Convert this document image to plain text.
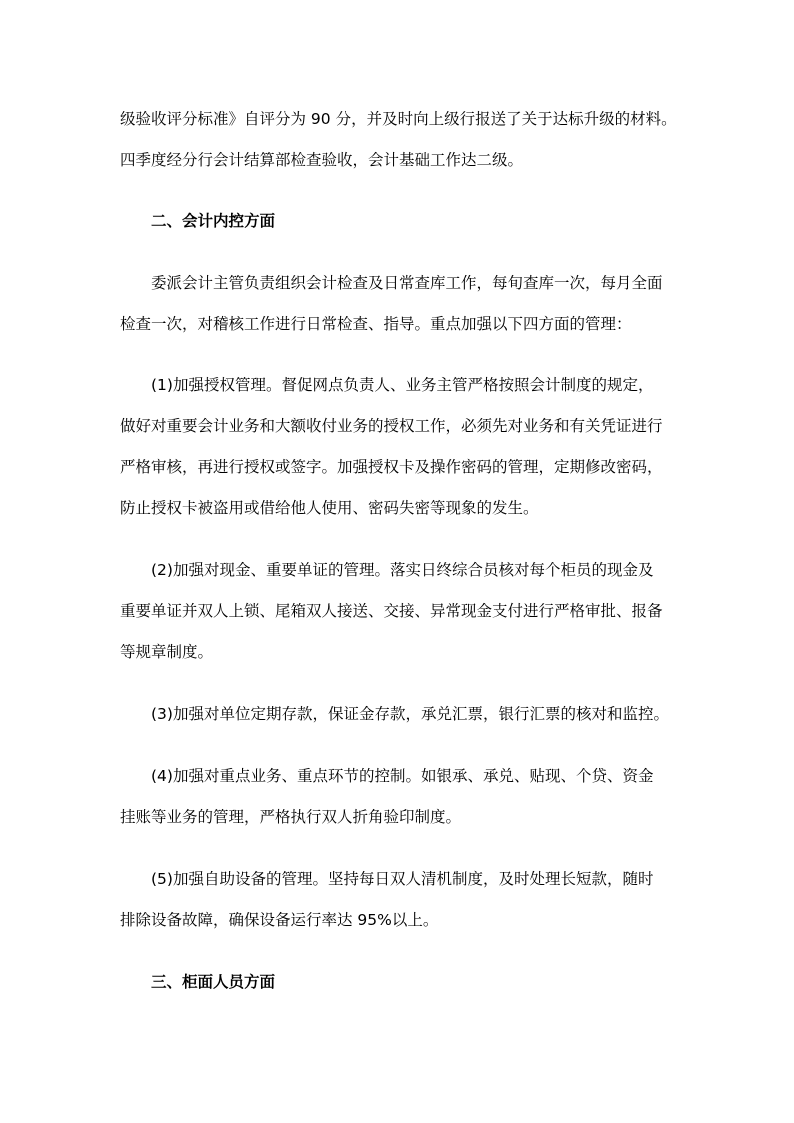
级验收评分标准》自评分为 90 分，并及时向上级行报送了关于达标升级的材料。
四季度经分行会计结算部检查验收，会计基础工作达二级。
二、会计内控方面
委派会计主管负责组织会计检查及日常查库工作，每旬查库一次，每月全面
检查一次，对稽核工作进行日常检查、指导。重点加强以下四方面的管理：
(1)加强授权管理。督促网点负责人、业务主管严格按照会计制度的规定，
做好对重要会计业务和大额收付业务的授权工作，必须先对业务和有关凭证进行
严格审核，再进行授权或签字。加强授权卡及操作密码的管理，定期修改密码，
防止授权卡被盗用或借给他人使用、密码失密等现象的发生。
(2)加强对现金、重要单证的管理。落实日终综合员核对每个柜员的现金及
重要单证并双人上锁、尾箱双人接送、交接、异常现金支付进行严格审批、报备
等规章制度。
(3)加强对单位定期存款，保证金存款，承兑汇票，银行汇票的核对和监控。
(4)加强对重点业务、重点环节的控制。如银承、承兑、贴现、个贷、资金
挂账等业务的管理，严格执行双人折角验印制度。
(5)加强自助设备的管理。坚持每日双人清机制度，及时处理长短款，随时
排除设备故障，确保设备运行率达 95%以上。
三、柜面人员方面
